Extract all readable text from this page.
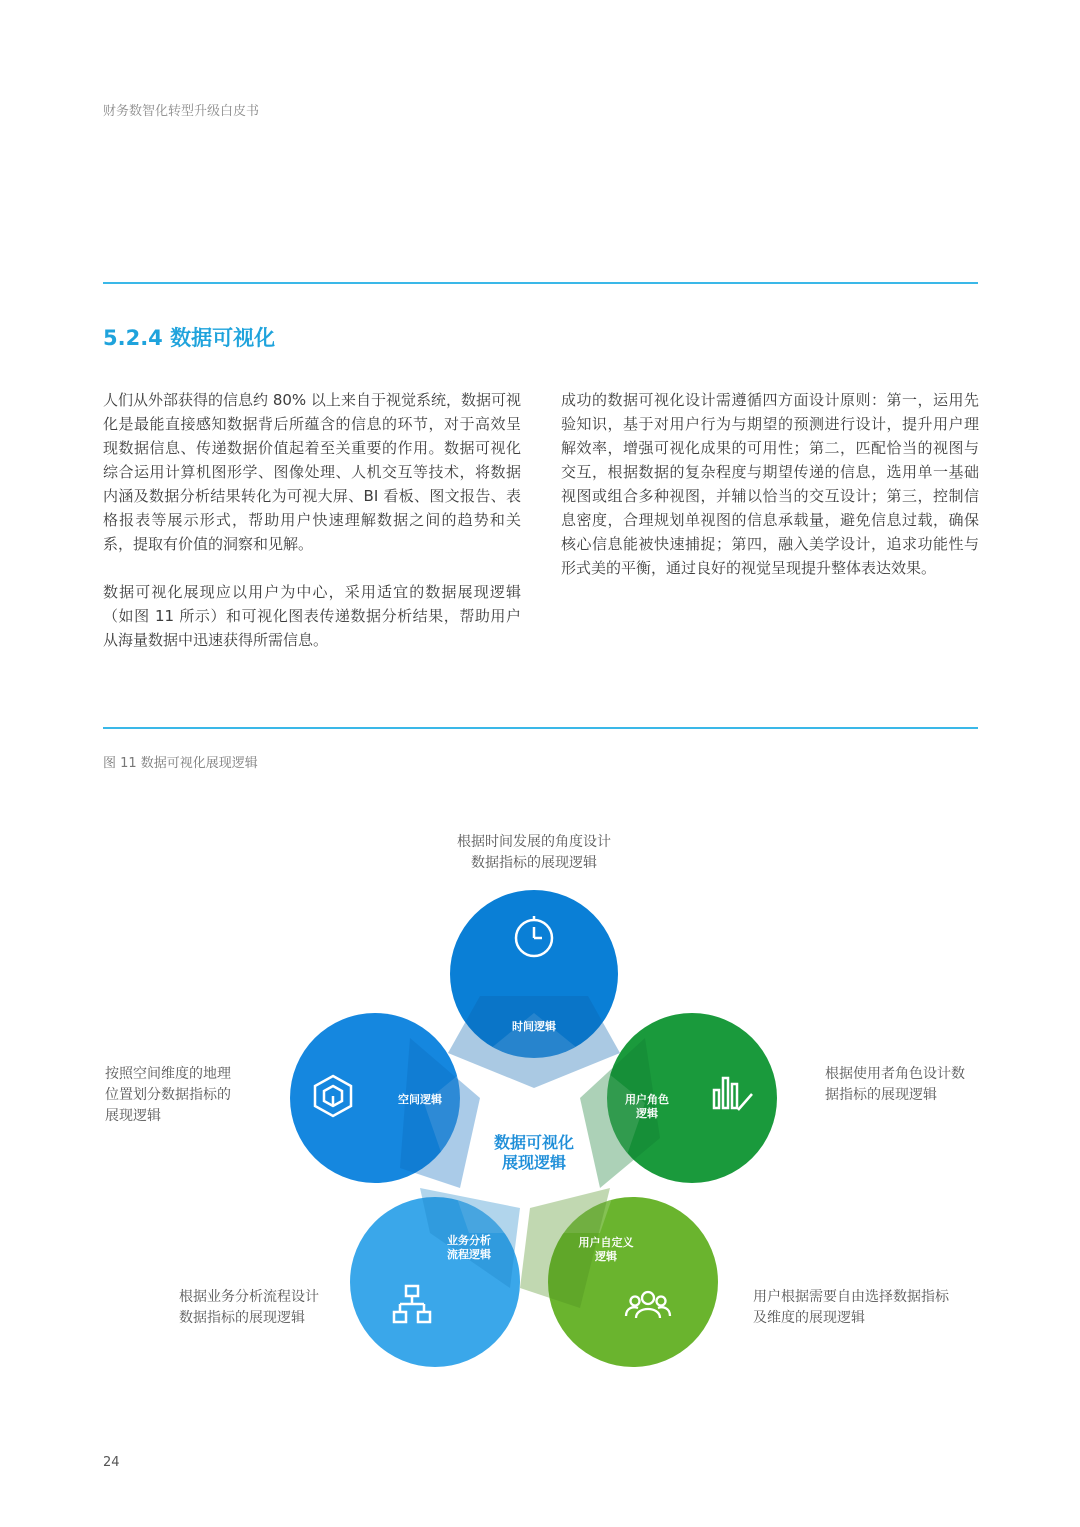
财务数智化转型升级白皮书
5.2.4 数据可视化

人们从外部获得的信息约 80% 以上来自于视觉系统，数据可视化是最能直接感知数据背后所蕴含的信息的环节，对于高效呈现数据信息、传递数据价值起着至关重要的作用。数据可视化综合运用计算机图形学、图像处理、人机交互等技术，将数据内涵及数据分析结果转化为可视大屏、BI 看板、图文报告、表格报表等展示形式，帮助用户快速理解数据之间的趋势和关系，提取有价值的洞察和见解。

数据可视化展现应以用户为中心，采用适宜的数据展现逻辑（如图 11 所示）和可视化图表传递数据分析结果，帮助用户从海量数据中迅速获得所需信息。

成功的数据可视化设计需遵循四方面设计原则：第一，运用先验知识，基于对用户行为与期望的预测进行设计，提升用户理解效率，增强可视化成果的可用性；第二，匹配恰当的视图与交互，根据数据的复杂程度与期望传递的信息，选用单一基础视图或组合多种视图，并辅以恰当的交互设计；第三，控制信息密度，合理规划单视图的信息承载量，避免信息过载，确保核心信息能被快速捕捉；第四，融入美学设计，追求功能性与形式美的平衡，通过良好的视觉呈现提升整体表达效果。

图 11 数据可视化展现逻辑
根据时间发展的角度设计
数据指标的展现逻辑
按照空间维度的地理
位置划分数据指标的
展现逻辑
根据使用者角色设计数
据指标的展现逻辑
根据业务分析流程设计
数据指标的展现逻辑
用户根据需要自由选择数据指标
及维度的展现逻辑
数据可视化
展现逻辑
时间逻辑
用户角色
逻辑
用户自定义
逻辑
业务分析
流程逻辑
空间逻辑
24
